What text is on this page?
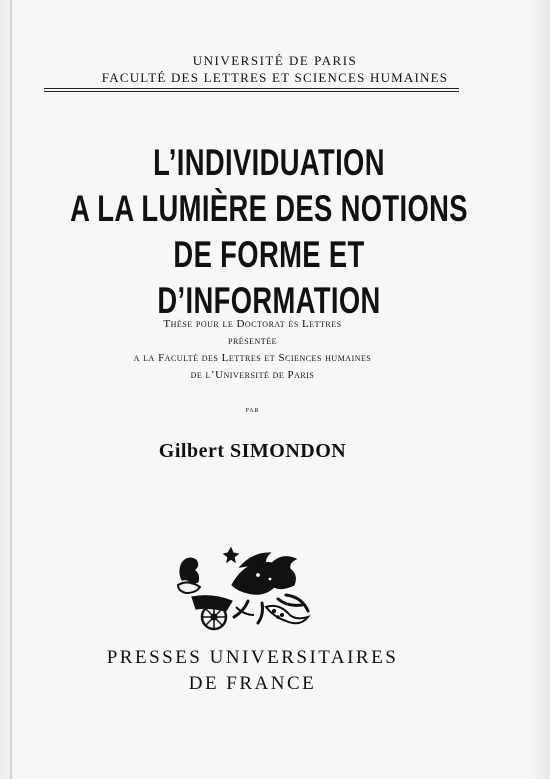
UNIVERSITÉ DE PARIS
FACULTÉ DES LETTRES ET SCIENCES HUMAINES
L’INDIVIDUATION
A LA LUMIÈRE DES NOTIONS
DE FORME ET D’INFORMATION
Thèse pour le Doctorat ès Lettres
présentée
a la Faculté des Lettres et Sciences humaines
de l’Université de Paris
par
Gilbert SIMONDON
PRESSES UNIVERSITAIRES
DE FRANCE
